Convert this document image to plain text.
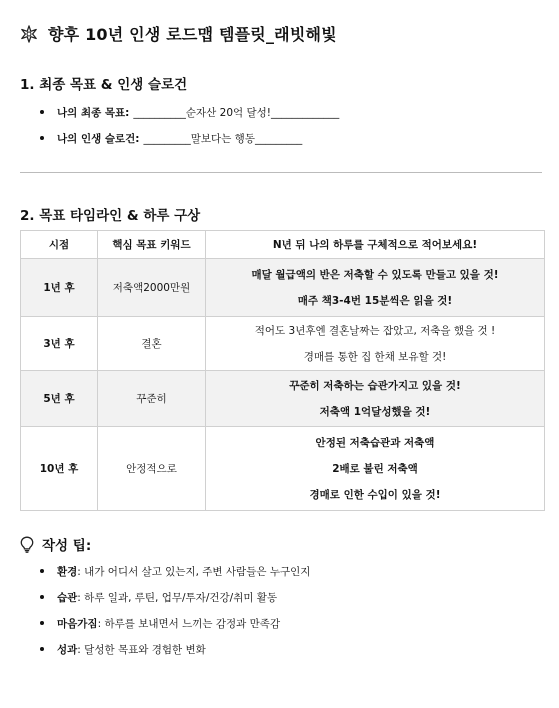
향후 10년 인생 로드맵 템플릿_래빗해빛
1. 최종 목표 & 인생 슬로건
나의 최종 목표: __________순자산 20억 달성!_____________
나의 인생 슬로건: _________말보다는 행동_________
2. 목표 타임라인 & 하루 구상
시점	핵심 목표 키워드	N년 뒤 나의 하루를 구체적으로 적어보세요!
1년 후	저축액2000만원	매달 월급액의 반은 저축할 수 있도록 만들고 있을 것!
매주 책3-4번 15분씩은 읽을 것!

3년 후	결혼	적어도 3년후엔 결혼날짜는 잡았고, 저축을 했을 것 !
경매를 통한 집 한채 보유할 것!

5년 후	꾸준히	꾸준히 저축하는 습관가지고 있을 것!
저축액 1억달성했을 것!

10년 후	안정적으로	안정된 저축습관과 저축액
2배로 불린 저축액
경매로 인한 수입이 있을 것!
작성 팁:
환경 : 내가 어디서 살고 있는지, 주변 사람들은 누구인지
습관 : 하루 일과, 루틴, 업무/투자/건강/취미 활동
마음가짐 : 하루를 보내면서 느끼는 감정과 만족감
성과 : 달성한 목표와 경험한 변화
